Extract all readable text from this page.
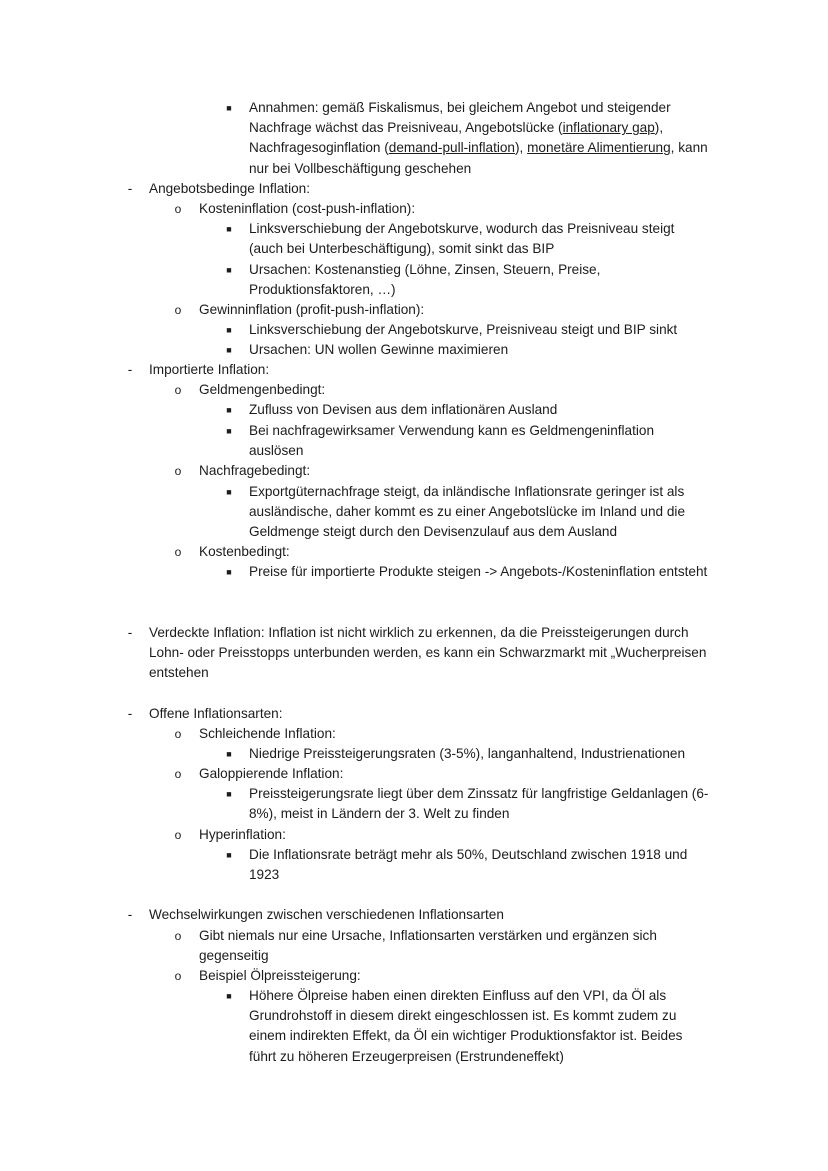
■ Annahmen: gemäß Fiskalismus, bei gleichem Angebot und steigender Nachfrage wächst das Preisniveau, Angebotslücke (inflationary gap), Nachfragesoginflation (demand-pull-inflation), monetäre Alimentierung, kann nur bei Vollbeschäftigung geschehen
- Angebotsbedinge Inflation:
o Kosteninflation (cost-push-inflation):
■ Linksverschiebung der Angebotskurve, wodurch das Preisniveau steigt (auch bei Unterbeschäftigung), somit sinkt das BIP
■ Ursachen: Kostenanstieg (Löhne, Zinsen, Steuern, Preise, Produktionsfaktoren, …)
o Gewinninflation (profit-push-inflation):
■ Linksverschiebung der Angebotskurve, Preisniveau steigt und BIP sinkt
■ Ursachen: UN wollen Gewinne maximieren
- Importierte Inflation:
o Geldmengenbedingt:
■ Zufluss von Devisen aus dem inflationären Ausland
■ Bei nachfragewirksamer Verwendung kann es Geldmengeninflation auslösen
o Nachfragebedingt:
■ Exportgüternachfrage steigt, da inländische Inflationsrate geringer ist als ausländische, daher kommt es zu einer Angebotslücke im Inland und die Geldmenge steigt durch den Devisenzulauf aus dem Ausland
o Kostenbedingt:
■ Preise für importierte Produkte steigen -> Angebots-/Kosteninflation entsteht
- Verdeckte Inflation: Inflation ist nicht wirklich zu erkennen, da die Preissteigerungen durch Lohn- oder Preisstopps unterbunden werden, es kann ein Schwarzmarkt mit „Wucherpreisen entstehen
- Offene Inflationsarten:
o Schleichende Inflation:
■ Niedrige Preissteigerungsraten (3-5%), langanhaltend, Industrienationen
o Galoppierende Inflation:
■ Preissteigerungsrate liegt über dem Zinssatz für langfristige Geldanlagen (6-8%), meist in Ländern der 3. Welt zu finden
o Hyperinflation:
■ Die Inflationsrate beträgt mehr als 50%, Deutschland zwischen 1918 und 1923
- Wechselwirkungen zwischen verschiedenen Inflationsarten
o Gibt niemals nur eine Ursache, Inflationsarten verstärken und ergänzen sich gegenseitig
o Beispiel Ölpreissteigerung:
■ Höhere Ölpreise haben einen direkten Einfluss auf den VPI, da Öl als Grundrohstoff in diesem direkt eingeschlossen ist. Es kommt zudem zu einem indirekten Effekt, da Öl ein wichtiger Produktionsfaktor ist. Beides führt zu höheren Erzeugerpreisen (Erstrundeneffekt)
